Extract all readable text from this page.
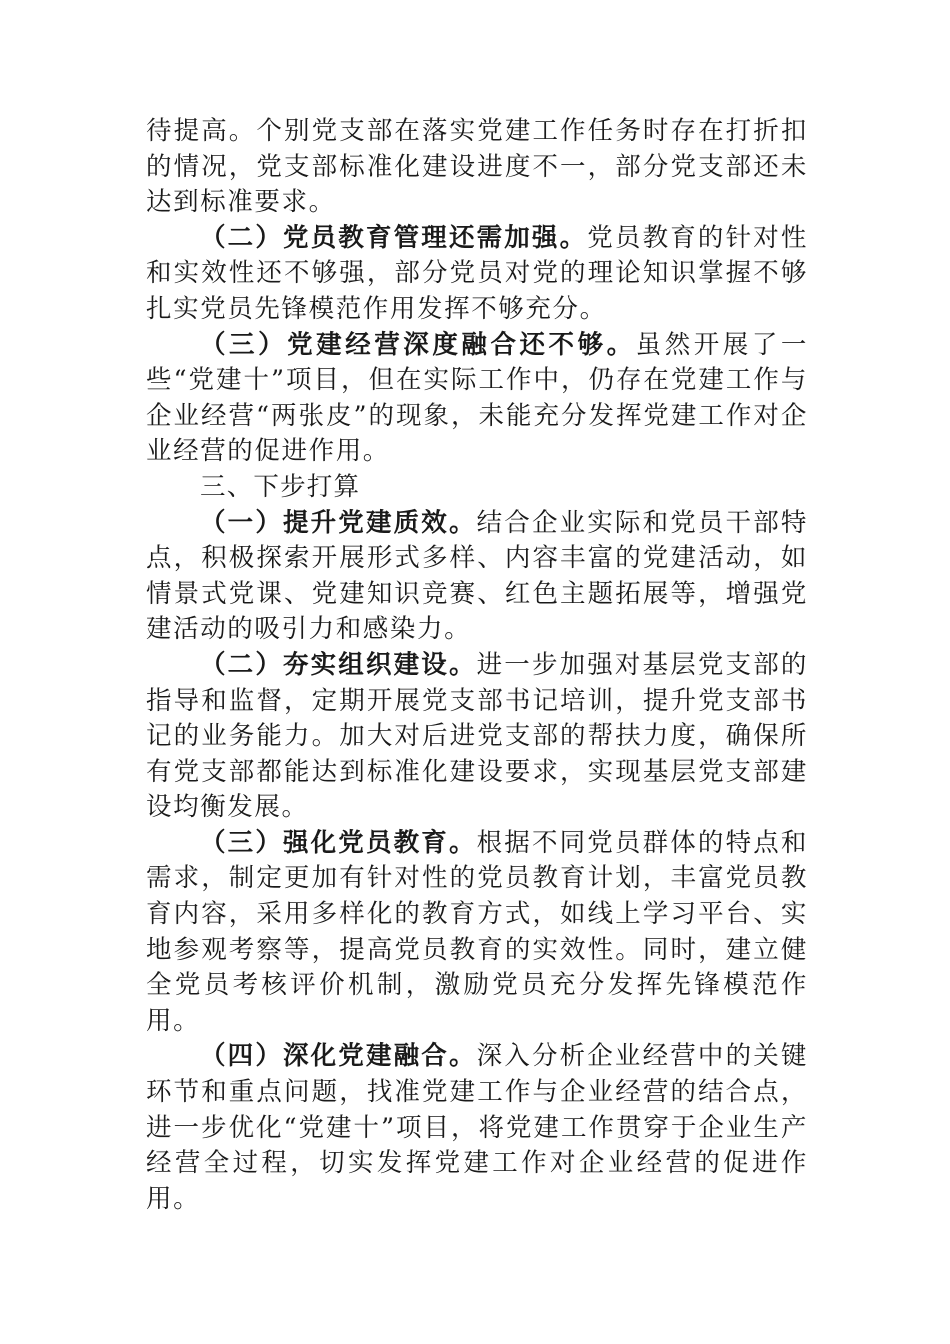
待提高。个别党支部在落实党建工作任务时存在打折扣的情况，党支部标准化建设进度不一，部分党支部还未达到标准要求。

（二）党员教育管理还需加强。党员教育的针对性和实效性还不够强，部分党员对党的理论知识掌握不够扎实党员先锋模范作用发挥不够充分。

（三）党建经营深度融合还不够。虽然开展了一些“党建十”项目，但在实际工作中，仍存在党建工作与企业经营“两张皮”的现象，未能充分发挥党建工作对企业经营的促进作用。

三、下步打算

（一）提升党建质效。结合企业实际和党员干部特点，积极探索开展形式多样、内容丰富的党建活动，如情景式党课、党建知识竞赛、红色主题拓展等，增强党建活动的吸引力和感染力。

（二）夯实组织建设。进一步加强对基层党支部的指导和监督，定期开展党支部书记培训，提升党支部书记的业务能力。加大对后进党支部的帮扶力度，确保所有党支部都能达到标准化建设要求，实现基层党支部建设均衡发展。

（三）强化党员教育。根据不同党员群体的特点和需求，制定更加有针对性的党员教育计划，丰富党员教育内容，采用多样化的教育方式，如线上学习平台、实地参观考察等，提高党员教育的实效性。同时，建立健全党员考核评价机制，激励党员充分发挥先锋模范作用。

（四）深化党建融合。深入分析企业经营中的关键环节和重点问题，找准党建工作与企业经营的结合点，进一步优化“党建十”项目，将党建工作贯穿于企业生产经营全过程，切实发挥党建工作对企业经营的促进作用。
